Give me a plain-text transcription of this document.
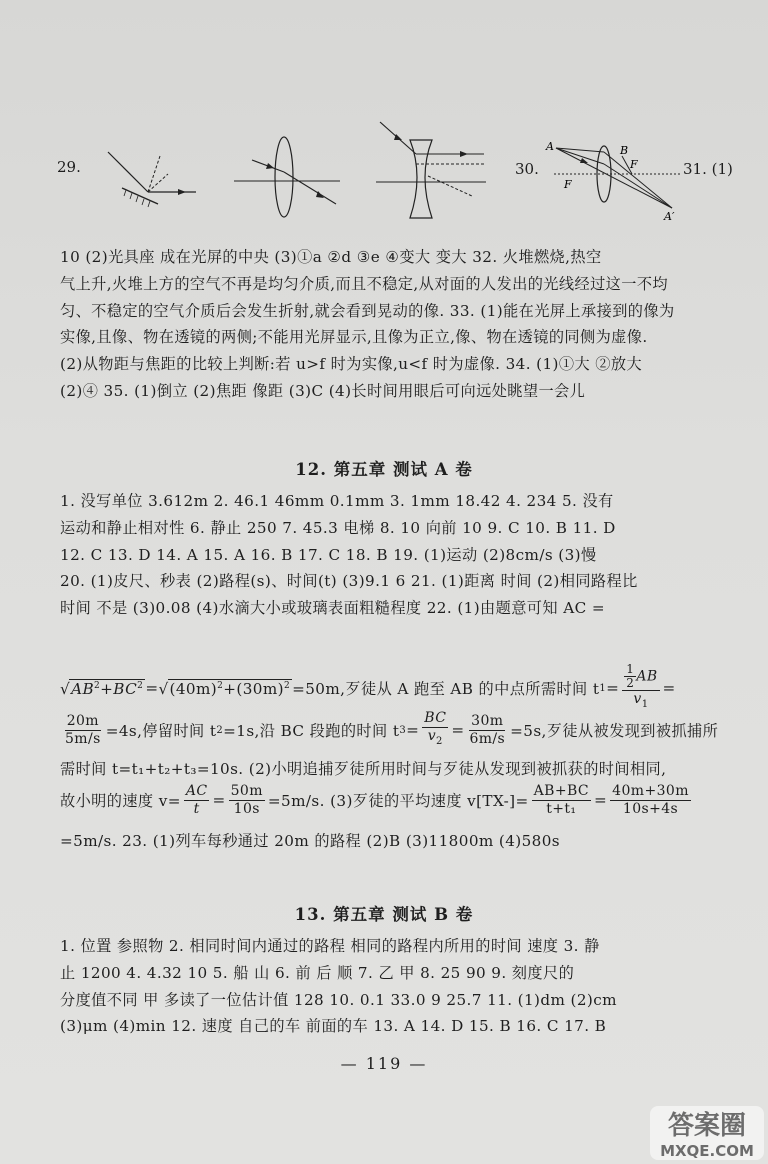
29.	30.
A	B
F
F
A′
31. (1)

10 (2)光具座 成在光屏的中央 (3)①a ②d ③e ④变大 变大 32. 火堆燃烧,热空

气上升,火堆上方的空气不再是均匀介质,而且不稳定,从对面的人发出的光线经过这一不均

匀、不稳定的空气介质后会发生折射,就会看到晃动的像. 33. (1)能在光屏上承接到的像为

实像,且像、物在透镜的两侧;不能用光屏显示,且像为正立,像、物在透镜的同侧为虚像.

(2)从物距与焦距的比较上判断:若 u>f 时为实像,u<f 时为虚像. 34. (1)①大 ②放大

(2)④ 35. (1)倒立 (2)焦距 像距 (3)C (4)长时间用眼后可向远处眺望一会儿

12. 第五章 测试 A 卷

1. 没写单位 3.612m 2. 46.1 46mm 0.1mm 3. 1mm 18.42 4. 234 5. 没有

运动和静止相对性 6. 静止 250 7. 45.3 电梯 8. 10 向前 10 9. C 10. B 11. D

12. C 13. D 14. A 15. A 16. B 17. C 18. B 19. (1)运动 (2)8cm/s (3)慢

20. (1)皮尺、秒表 (2)路程(s)、时间(t) (3)9.1 6 21. (1)距离 时间 (2)相同路程比

时间 不是 (3)0.08 (4)水滴大小或玻璃表面粗糙程度 22. (1)由题意可知 AC =

√ $AB^2+BC^2$ = √ $(40m)^2+(30m)^2 =50m$,歹徒从 A 跑至 AB 的中点所需时间 t $1 = \frac{\frac{1}{2} AB}{v_1}$ =
$\frac{20m}{5m/s} =4s$,停留时间 t 2 =1s,沿 BC 段跑的时间 t $3 = \frac{BC}{v_2} = \frac{30m}{6m/s} =5s$,歹徒从被发现到被抓捕所
需时间 t=t₁+t₂+t₃=10s. (2)小明追捕歹徒所用时间与歹徒从发现到被抓获的时间相同,
故小明的速度 $v= \frac{AC}{t} = \frac{50m}{10s} =5m/s$. (3)歹徒的平均速度 $v[TX-]= \frac{AB+BC}{\text{t+t₁}} = \frac{40m+30m}{10s+4s}$
=5m/s. 23. (1)列车每秒通过 20m 的路程 (2)B (3)11800m (4)580s
13. 第五章 测试 B 卷

1. 位置 参照物 2. 相同时间内通过的路程 相同的路程内所用的时间 速度 3. 静

止 1200 4. 4.32 10 5. 船 山 6. 前 后 顺 7. 乙 甲 8. 25 90 9. 刻度尺的

分度值不同 甲 多读了一位估计值 128 10. 0.1 33.0 9 25.7 11. (1)dm (2)cm

(3)μm (4)min 12. 速度 自己的车 前面的车 13. A 14. D 15. B 16. C 17. B

— 119 —
答案圈
MXQE.COM
